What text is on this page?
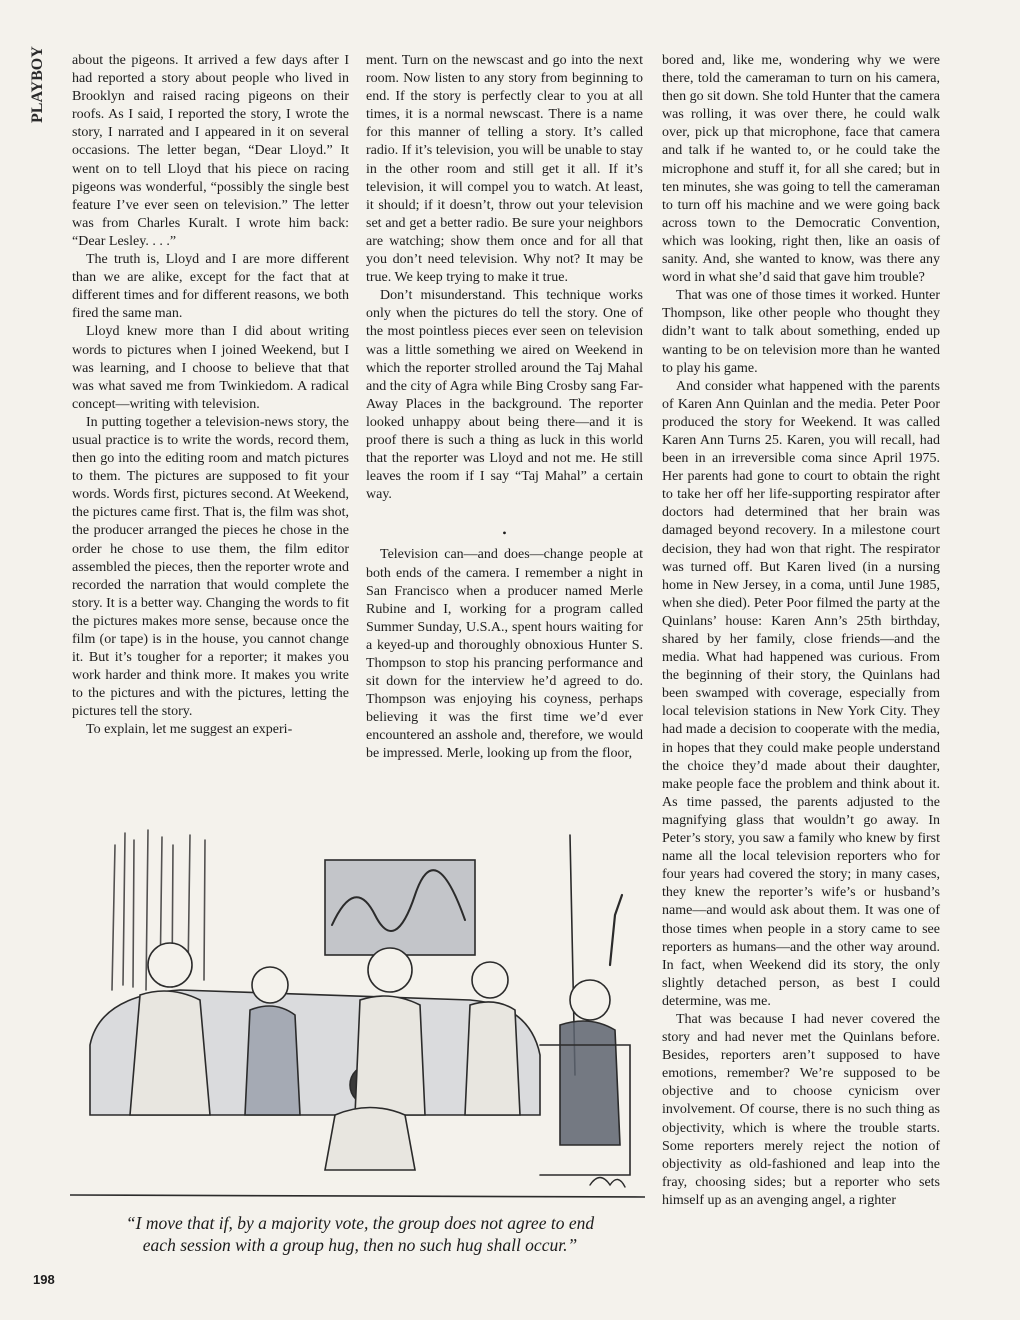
PLAYBOY about the pigeons. It arrived a few days after I had reported a story about people who lived in Brooklyn and raised racing pigeons on their roofs. As I said, I reported the story, I wrote the story, I narrated and I appeared in it on several occasions. The letter began, “Dear Lloyd.” It went on to tell Lloyd that his piece on racing pigeons was wonderful, “possibly the single best feature I’ve ever seen on television.” The letter was from Charles Kuralt. I wrote him back: “Dear Lesley. . . .”

The truth is, Lloyd and I are more different than we are alike, except for the fact that at different times and for different reasons, we both fired the same man.

Lloyd knew more than I did about writing words to pictures when I joined Weekend, but I was learning, and I choose to believe that that was what saved me from Twinkiedom. A radical concept—writing with television.

In putting together a television-news story, the usual practice is to write the words, record them, then go into the editing room and match pictures to them. The pictures are supposed to fit your words. Words first, pictures second. At Weekend, the pictures came first. That is, the film was shot, the producer arranged the pieces he chose in the order he chose to use them, the film editor assembled the pieces, then the reporter wrote and recorded the narration that would complete the story. It is a better way. Changing the words to fit the pictures makes more sense, because once the film (or tape) is in the house, you cannot change it. But it’s tougher for a reporter; it makes you work harder and think more. It makes you write to the pictures and with the pictures, letting the pictures tell the story.

To explain, let me suggest an experi-

ment. Turn on the newscast and go into the next room. Now listen to any story from beginning to end. If the story is perfectly clear to you at all times, it is a normal newscast. There is a name for this manner of telling a story. It’s called radio. If it’s television, you will be unable to stay in the other room and still get it all. If it’s television, it will compel you to watch. At least, it should; if it doesn’t, throw out your television set and get a better radio. Be sure your neighbors are watching; show them once and for all that you don’t need television. Why not? It may be true. We keep trying to make it true.

Don’t misunderstand. This technique works only when the pictures do tell the story. One of the most pointless pieces ever seen on television was a little something we aired on Weekend in which the reporter strolled around the Taj Mahal and the city of Agra while Bing Crosby sang Far-Away Places in the background. The reporter looked unhappy about being there—and it is proof there is such a thing as luck in this world that the reporter was Lloyd and not me. He still leaves the room if I say “Taj Mahal” a certain way.

•

Television can—and does—change people at both ends of the camera. I remember a night in San Francisco when a producer named Merle Rubine and I, working for a program called Summer Sunday, U.S.A., spent hours waiting for a keyed-up and thoroughly obnoxious Hunter S. Thompson to stop his prancing performance and sit down for the interview he’d agreed to do. Thompson was enjoying his coyness, perhaps believing it was the first time we’d ever encountered an asshole and, therefore, we would be impressed. Merle, looking up from the floor,

bored and, like me, wondering why we were there, told the cameraman to turn on his camera, then go sit down. She told Hunter that the camera was rolling, it was over there, he could walk over, pick up that microphone, face that camera and talk if he wanted to, or he could take the microphone and stuff it, for all she cared; but in ten minutes, she was going to tell the cameraman to turn off his machine and we were going back across town to the Democratic Convention, which was looking, right then, like an oasis of sanity. And, she wanted to know, was there any word in what she’d said that gave him trouble?

That was one of those times it worked. Hunter Thompson, like other people who thought they didn’t want to talk about something, ended up wanting to be on television more than he wanted to play his game.

And consider what happened with the parents of Karen Ann Quinlan and the media. Peter Poor produced the story for Weekend. It was called Karen Ann Turns 25. Karen, you will recall, had been in an irreversible coma since April 1975. Her parents had gone to court to obtain the right to take her off her life-supporting respirator after doctors had determined that her brain was damaged beyond recovery. In a milestone court decision, they had won that right. The respirator was turned off. But Karen lived (in a nursing home in New Jersey, in a coma, until June 1985, when she died). Peter Poor filmed the party at the Quinlans’ house: Karen Ann’s 25th birthday, shared by her family, close friends—and the media. What had happened was curious. From the beginning of their story, the Quinlans had been swamped with coverage, especially from local television stations in New York City. They had made a decision to cooperate with the media, in hopes that they could make people understand the choice they’d made about their daughter, make people face the problem and think about it. As time passed, the parents adjusted to the magnifying glass that wouldn’t go away. In Peter’s story, you saw a family who knew by first name all the local television reporters who for four years had covered the story; in many cases, they knew the reporter’s wife’s or husband’s name—and would ask about them. It was one of those times when people in a story came to see reporters as humans—and the other way around. In fact, when Weekend did its story, the only slightly detached person, as best I could determine, was me.

That was because I had never covered the story and had never met the Quinlans before. Besides, reporters aren’t supposed to have emotions, remember? We’re supposed to be objective and to choose cynicism over involvement. Of course, there is no such thing as objectivity, which is where the trouble starts. Some reporters merely reject the notion of objectivity as old-fashioned and leap into the fray, choosing sides; but a reporter who sets himself up as an avenging angel, a righter

“I move that if, by a majority vote, the group does not agree to end each session with a group hug, then no such hug shall occur.”
198
